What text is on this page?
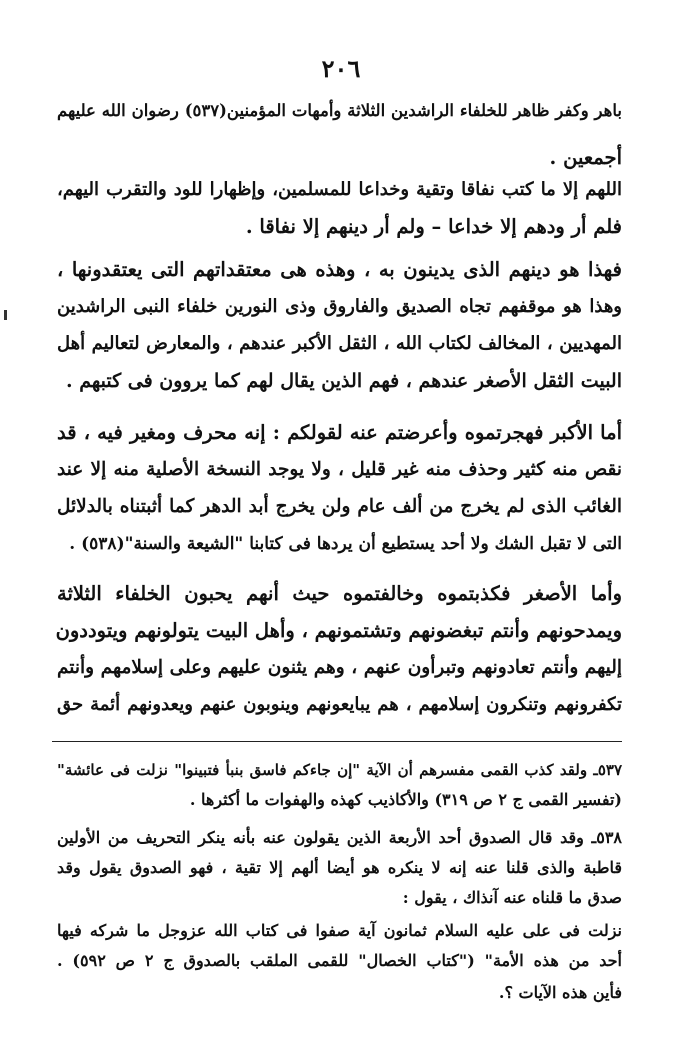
٢٠٦
باهر وكفر ظاهر للخلفاء الراشدين الثلاثة وأمهات المؤمنين(٥٣٧) رضوان الله عليهم
أجمعين .
اللهم إلا ما كتب نفاقا وتقية وخداعا للمسلمين، وإظهارا للود والتقرب اليهم،
فلم أر ودهم إلا خداعا – ولم أر دينهم إلا نفاقا .
فهذا هو دينهم الذى يدينون به ، وهذه هى معتقداتهم التى يعتقدونها ،
وهذا هو موقفهم تجاه الصديق والفاروق وذى النورين خلفاء النبى الراشدين
المهديين ، المخالف لكتاب الله ، الثقل الأكبر عندهم ، والمعارض لتعاليم أهل
البيت الثقل الأصغر عندهم ، فهم الذين يقال لهم كما يروون فى كتبهم .
أما الأكبر فهجرتموه وأعرضتم عنه لقولكم : إنه محرف ومغير فيه ، قد
نقص منه كثير وحذف منه غير قليل ، ولا يوجد النسخة الأصلية منه إلا عند
الغائب الذى لم يخرج من ألف عام ولن يخرج أبد الدهر كما أثبتناه بالدلائل
التى لا تقبل الشك ولا أحد يستطيع أن يردها فى كتابنا "الشيعة والسنة"(٥٣٨) .
وأما الأصغر فكذبتموه وخالفتموه حيث أنهم يحبون الخلفاء الثلاثة
ويمدحونهم وأنتم تبغضونهم وتشتمونهم ، وأهل البيت يتولونهم ويتوددون
إليهم وأنتم تعادونهم وتبرأون عنهم ، وهم يثنون عليهم وعلى إسلامهم وأنتم
تكفرونهم وتنكرون إسلامهم ، هم يبايعونهم وينوبون عنهم ويعدونهم أئمة حق
٥٣٧ـ ولقد كذب القمى مفسرهم أن الآية "إن جاءكم فاسق بنبأ فتبينوا" نزلت فى عائشة"
(تفسير القمى ج ٢ ص ٣١٩) والأكاذيب كهذه والهفوات ما أكثرها .
٥٣٨ـ وقد قال الصدوق أحد الأربعة الذين يقولون عنه بأنه ينكر التحريف من الأولين
قاطبة والذى قلنا عنه إنه لا ينكره هو أيضا ألهم إلا تقية ، فهو الصدوق يقول وقد
صدق ما قلناه عنه آنذاك ، يقول :
نزلت فى على عليه السلام ثمانون آية صفوا فى كتاب الله عزوجل ما شركه فيها
أحد من هذه الأمة" ("كتاب الخصال" للقمى الملقب بالصدوق ج ٢ ص ٥٩٢) .
فأين هذه الآيات ؟.
